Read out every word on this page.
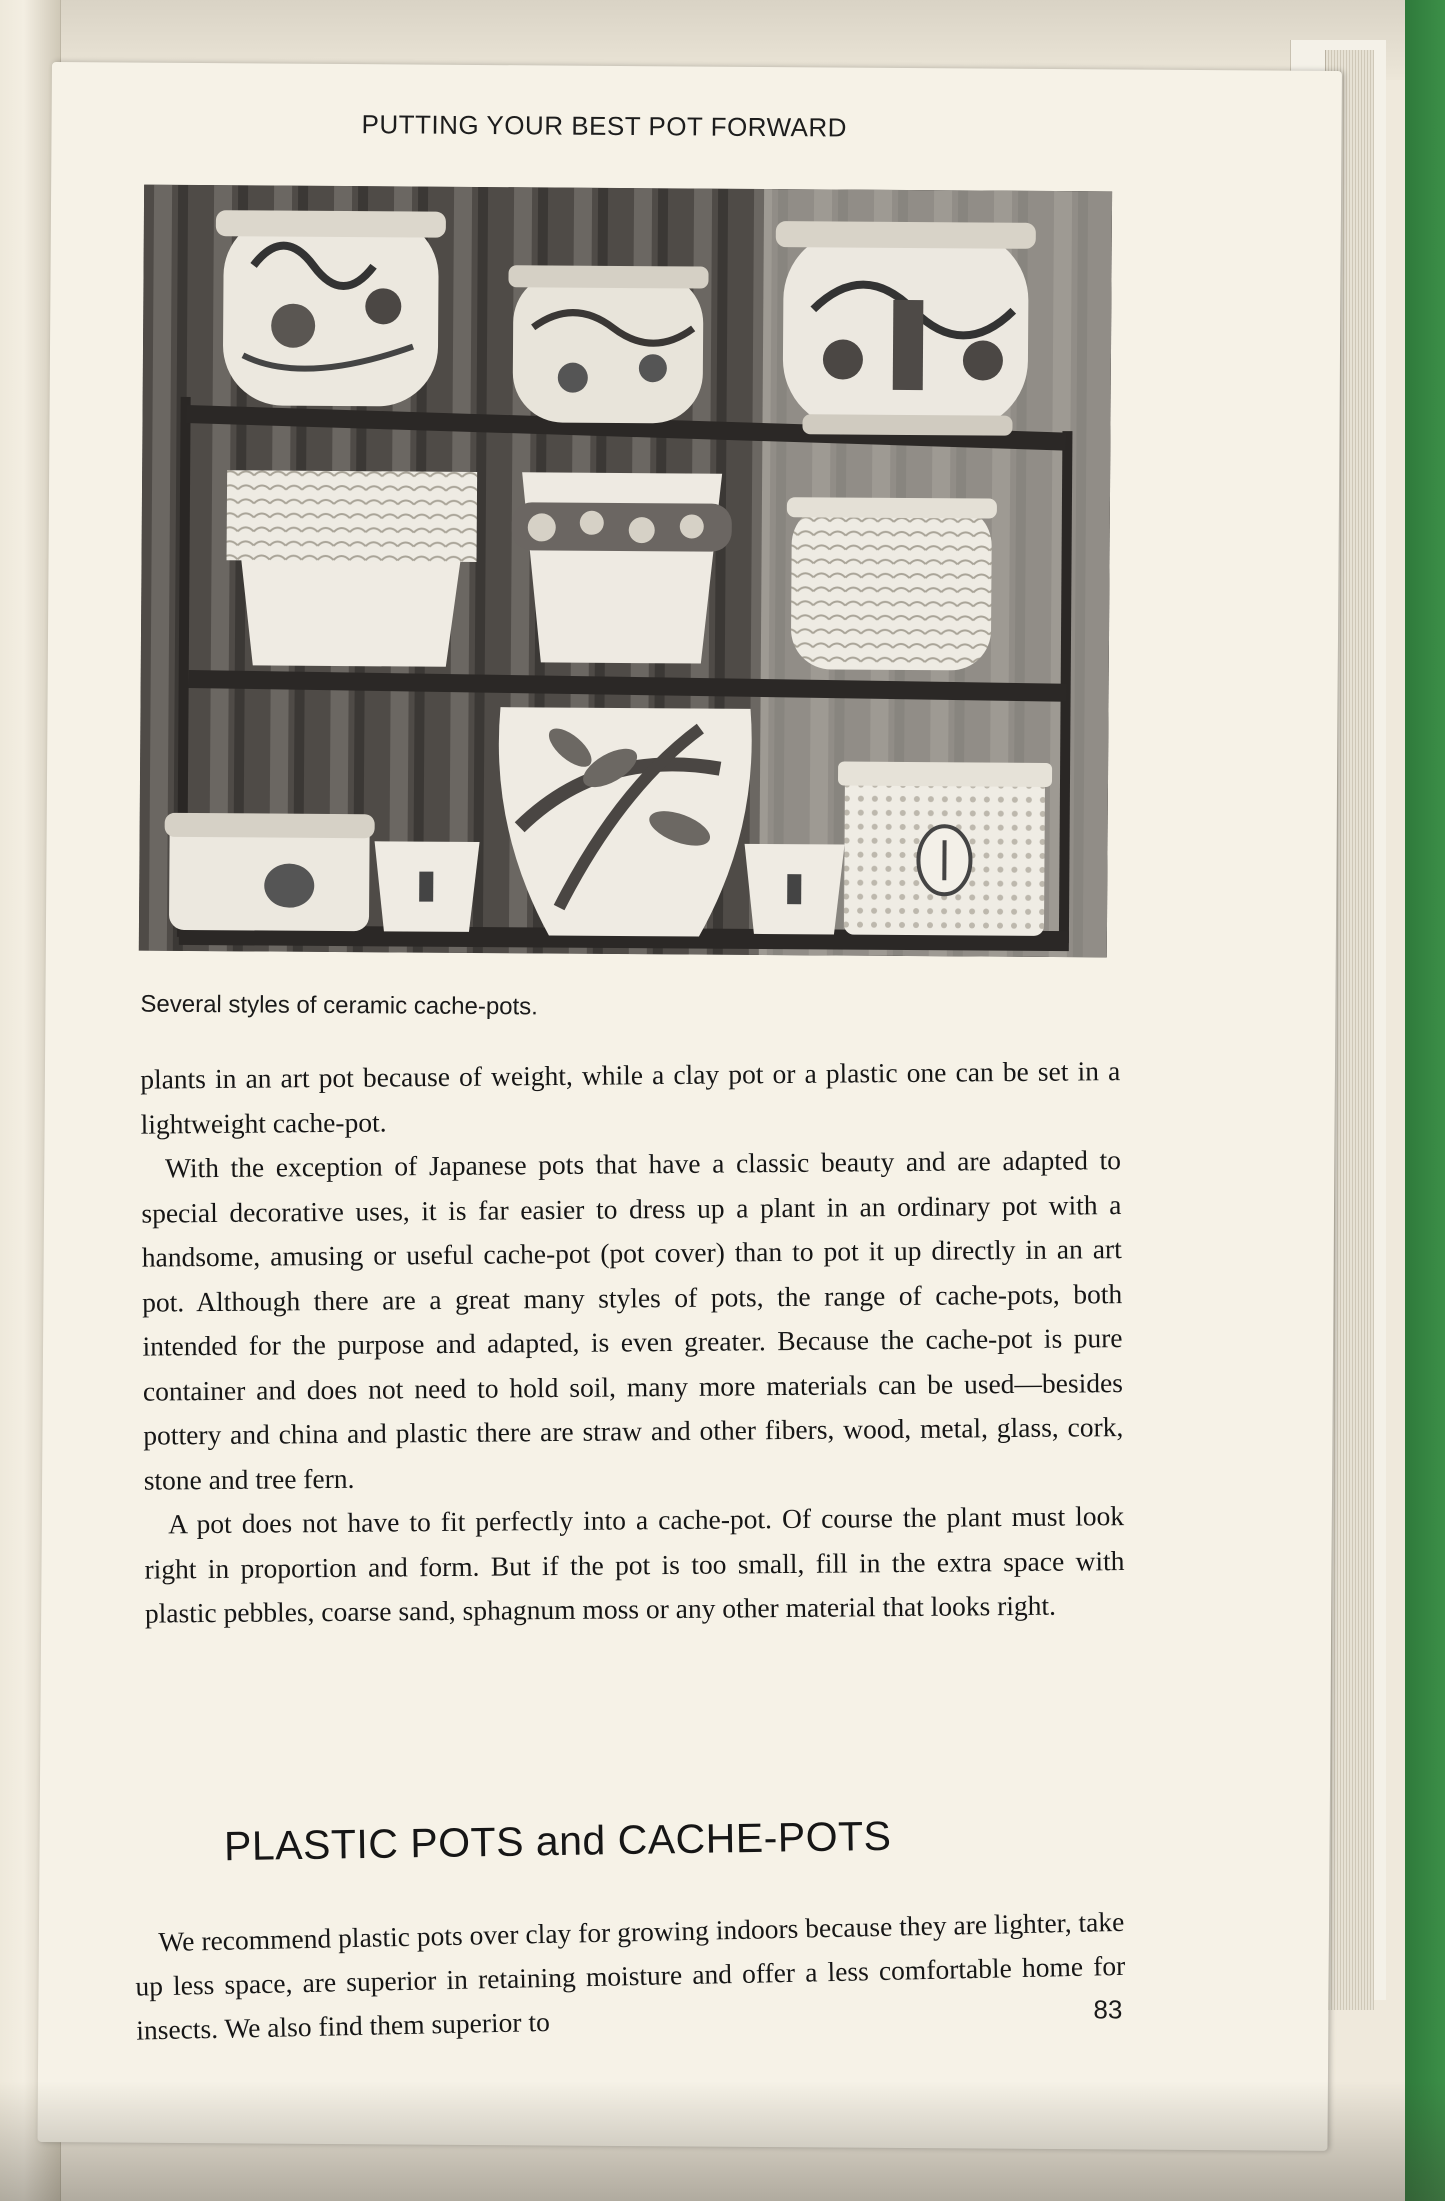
PUTTING YOUR BEST POT FORWARD
Several styles of ceramic cache-pots.

plants in an art pot because of weight, while a clay pot or a plastic one can be set in a lightweight cache-pot.

With the exception of Japanese pots that have a classic beauty and are adapted to special decorative uses, it is far easier to dress up a plant in an ordinary pot with a handsome, amusing or useful cache-pot (pot cover) than to pot it up directly in an art pot. Although there are a great many styles of pots, the range of cache-pots, both intended for the purpose and adapted, is even greater. Because the cache-pot is pure container and does not need to hold soil, many more materials can be used—besides pottery and china and plastic there are straw and other fibers, wood, metal, glass, cork, stone and tree fern.

A pot does not have to fit perfectly into a cache-pot. Of course the plant must look right in proportion and form. But if the pot is too small, fill in the extra space with plastic pebbles, coarse sand, sphagnum moss or any other material that looks right.

PLASTIC POTS and CACHE-POTS

We recommend plastic pots over clay for growing indoors because they are lighter, take up less space, are superior in retaining moisture and offer a less comfortable home for insects. We also find them superior to	83
